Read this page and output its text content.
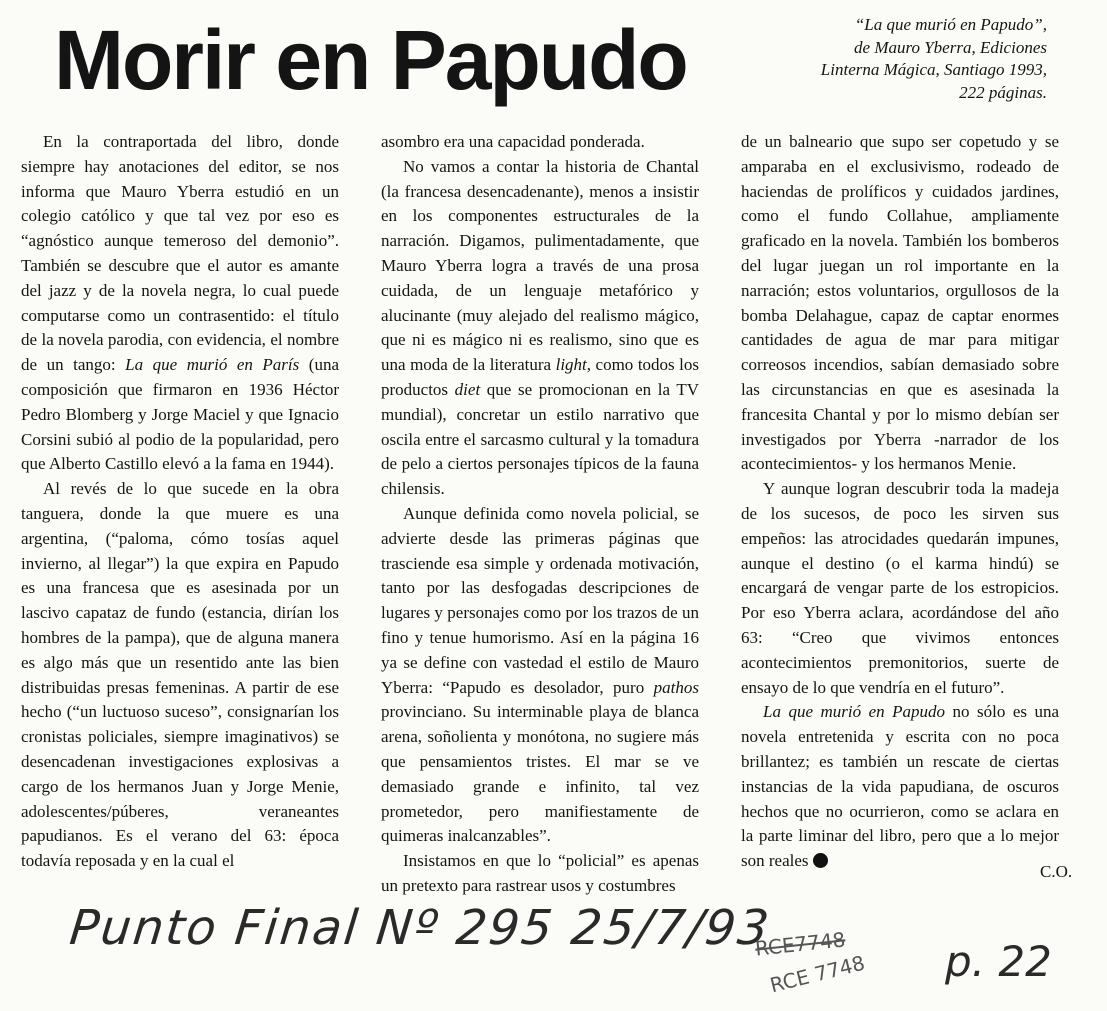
Morir en Papudo	“La que murió en Papudo”,
de Mauro Yberra, Ediciones
Linterna Mágica, Santiago 1993,
222 páginas.

En la contraportada del libro, donde siempre hay anotaciones del editor, se nos informa que Mauro Yberra estudió en un colegio católico y que tal vez por eso es “agnóstico aunque temeroso del demonio”. También se descubre que el autor es amante del jazz y de la novela negra, lo cual puede computarse como un contrasentido: el título de la novela parodia, con evidencia, el nombre de un tango: La que murió en París (una composición que firmaron en 1936 Héctor Pedro Blomberg y Jorge Maciel y que Ignacio Corsini subió al podio de la popularidad, pero que Alberto Castillo elevó a la fama en 1944).

Al revés de lo que sucede en la obra tanguera, donde la que muere es una argentina, (“paloma, cómo tosías aquel invierno, al llegar”) la que expira en Papudo es una francesa que es asesinada por un lascivo capataz de fundo (estancia, dirían los hombres de la pampa), que de alguna manera es algo más que un resentido ante las bien distribuidas presas femeninas. A partir de ese hecho (“un luctuoso suceso”, consignarían los cronistas policiales, siempre imaginativos) se desencadenan investigaciones explosivas a cargo de los hermanos Juan y Jorge Menie, adolescentes/púberes, veraneantes papudianos. Es el verano del 63: época todavía reposada y en la cual el

asombro era una capacidad ponderada.

No vamos a contar la historia de Chantal (la francesa desencadenante), menos a insistir en los componentes estructurales de la narración. Digamos, pulimentadamente, que Mauro Yberra logra a través de una prosa cuidada, de un lenguaje metafórico y alucinante (muy alejado del realismo mágico, que ni es mágico ni es realismo, sino que es una moda de la literatura light, como todos los productos diet que se promocionan en la TV mundial), concretar un estilo narrativo que oscila entre el sarcasmo cultural y la tomadura de pelo a ciertos personajes típicos de la fauna chilensis.

Aunque definida como novela policial, se advierte desde las primeras páginas que trasciende esa simple y ordenada motivación, tanto por las desfogadas descripciones de lugares y personajes como por los trazos de un fino y tenue humorismo. Así en la página 16 ya se define con vastedad el estilo de Mauro Yberra: “Papudo es desolador, puro pathos provinciano. Su interminable playa de blanca arena, soñolienta y monótona, no sugiere más que pensamientos tristes. El mar se ve demasiado grande e infinito, tal vez prometedor, pero manifiestamente de quimeras inalcanzables”.

Insistamos en que lo “policial” es apenas un pretexto para rastrear usos y costumbres

de un balneario que supo ser copetudo y se amparaba en el exclusivismo, rodeado de haciendas de prolíficos y cuidados jardines, como el fundo Collahue, ampliamente graficado en la novela. También los bomberos del lugar juegan un rol importante en la narración; estos voluntarios, orgullosos de la bomba Delahague, capaz de captar enormes cantidades de agua de mar para mitigar correosos incendios, sabían demasiado sobre las circunstancias en que es asesinada la francesita Chantal y por lo mismo debían ser investigados por Yberra -narrador de los acontecimientos- y los hermanos Menie.

Y aunque logran descubrir toda la madeja de los sucesos, de poco les sirven sus empeños: las atrocidades quedarán impunes, aunque el destino (o el karma hindú) se encargará de vengar parte de los estropicios. Por eso Yberra aclara, acordándose del año 63: “Creo que vivimos entonces acontecimientos premonitorios, suerte de ensayo de lo que vendría en el futuro”.

La que murió en Papudo no sólo es una novela entretenida y escrita con no poca brillantez; es también un rescate de ciertas instancias de la vida papudiana, de oscuros hechos que no ocurrieron, como se aclara en la parte liminar del libro, pero que a lo mejor son reales

C.O.
Punto Final Nº 295 25/7/93
RCE7748
RCE 7748 p. 22
